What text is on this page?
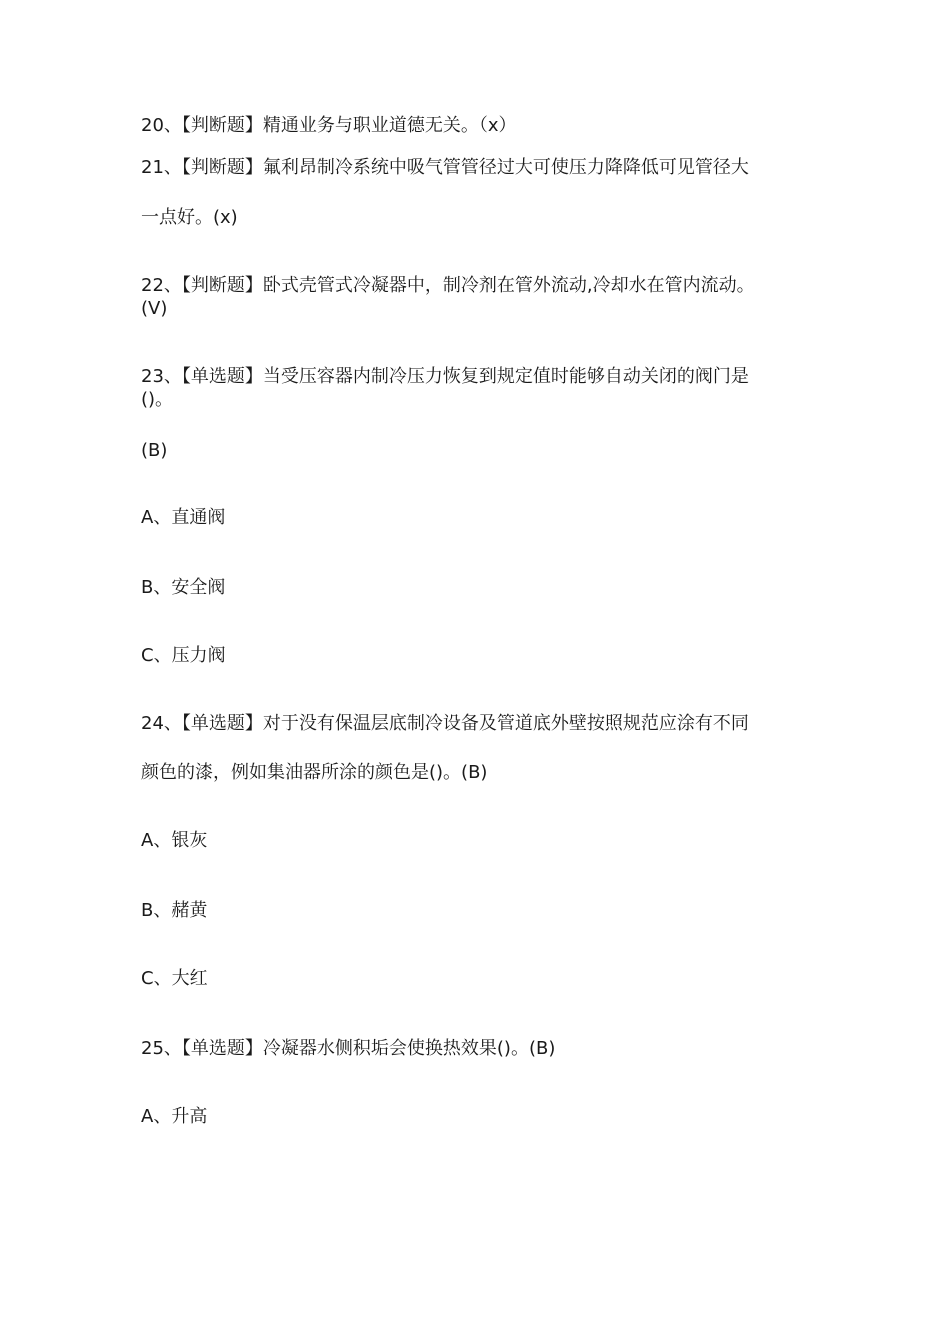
20、【判断题】精通业务与职业道德无关。（x）
21、【判断题】氟利昂制冷系统中吸气管管径过大可使压力降降低可见管径大
一点好。(x)
22、【判断题】卧式壳管式冷凝器中，制冷剂在管外流动,冷却水在管内流动。
(V)
23、【单选题】当受压容器内制冷压力恢复到规定值时能够自动关闭的阀门是
()。
(B)
A、直通阀
B、安全阀
C、压力阀
24、【单选题】对于没有保温层底制冷设备及管道底外壁按照规范应涂有不同
颜色的漆，例如集油器所涂的颜色是()。(B)
A、银灰
B、赭黄
C、大红
25、【单选题】冷凝器水侧积垢会使换热效果()。(B)
A、升高
